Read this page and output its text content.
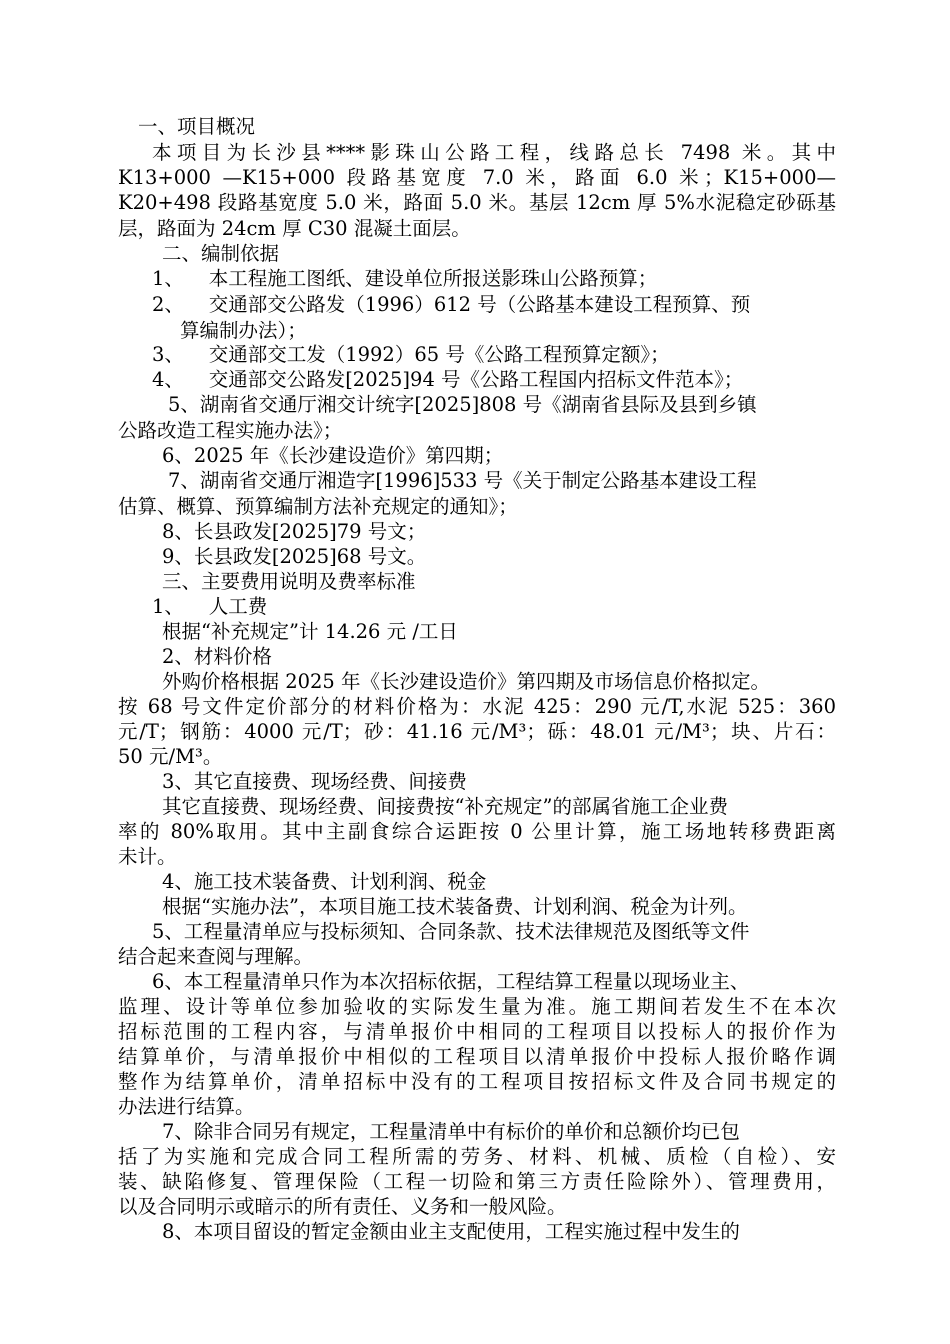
一、项目概况
本项目为长沙县****影珠山公路工程，线路总长 7498 米。其中
K13+000 —K15+000 段路基宽度 7.0 米，路面 6.0 米；K15+000—
K20+498 段路基宽度 5.0 米，路面 5.0 米。基层 12cm 厚 5%水泥稳定砂砾基
层，路面为 24cm 厚 C30 混凝土面层。
二、编制依据
1、    本工程施工图纸、建设单位所报送影珠山公路预算；
2、    交通部交公路发（1996）612 号（公路基本建设工程预算、预
算编制办法）；
3、    交通部交工发（1992）65 号《公路工程预算定额》；
4、    交通部交公路发[2025]94 号《公路工程国内招标文件范本》；
5、湖南省交通厅湘交计统字[2025]808 号《湖南省县际及县到乡镇
公路改造工程实施办法》；
6、2025 年《长沙建设造价》第四期；
7、湖南省交通厅湘造字[1996]533 号《关于制定公路基本建设工程
估算、概算、预算编制方法补充规定的通知》；
8、长县政发[2025]79 号文；
9、长县政发[2025]68 号文。
三、主要费用说明及费率标准
1、    人工费
根据“补充规定”计 14.26 元 /工日
2、材料价格
外购价格根据 2025 年《长沙建设造价》第四期及市场信息价格拟定。
按 68 号文件定价部分的材料价格为：水泥 425：290 元/T,水泥 525：360
元/T；钢筋：4000 元/T；砂：41.16 元/M³；砾：48.01 元/M³；块、片石：
50 元/M³。
3、其它直接费、现场经费、间接费
其它直接费、现场经费、间接费按“补充规定”的部属省施工企业费
率的 80%取用。其中主副食综合运距按 0 公里计算，施工场地转移费距离
未计。
4、施工技术装备费、计划利润、税金
根据“实施办法”，本项目施工技术装备费、计划利润、税金为计列。
5、工程量清单应与投标须知、合同条款、技术法律规范及图纸等文件
结合起来查阅与理解。
6、本工程量清单只作为本次招标依据，工程结算工程量以现场业主、
监理、设计等单位参加验收的实际发生量为准。施工期间若发生不在本次
招标范围的工程内容，与清单报价中相同的工程项目以投标人的报价作为
结算单价，与清单报价中相似的工程项目以清单报价中投标人报价略作调
整作为结算单价，清单招标中没有的工程项目按招标文件及合同书规定的
办法进行结算。
7、除非合同另有规定，工程量清单中有标价的单价和总额价均已包
括了为实施和完成合同工程所需的劳务、材料、机械、质检（自检）、安
装、缺陷修复、管理保险（工程一切险和第三方责任险除外）、管理费用，
以及合同明示或暗示的所有责任、义务和一般风险。
8、本项目留设的暂定金额由业主支配使用，工程实施过程中发生的
